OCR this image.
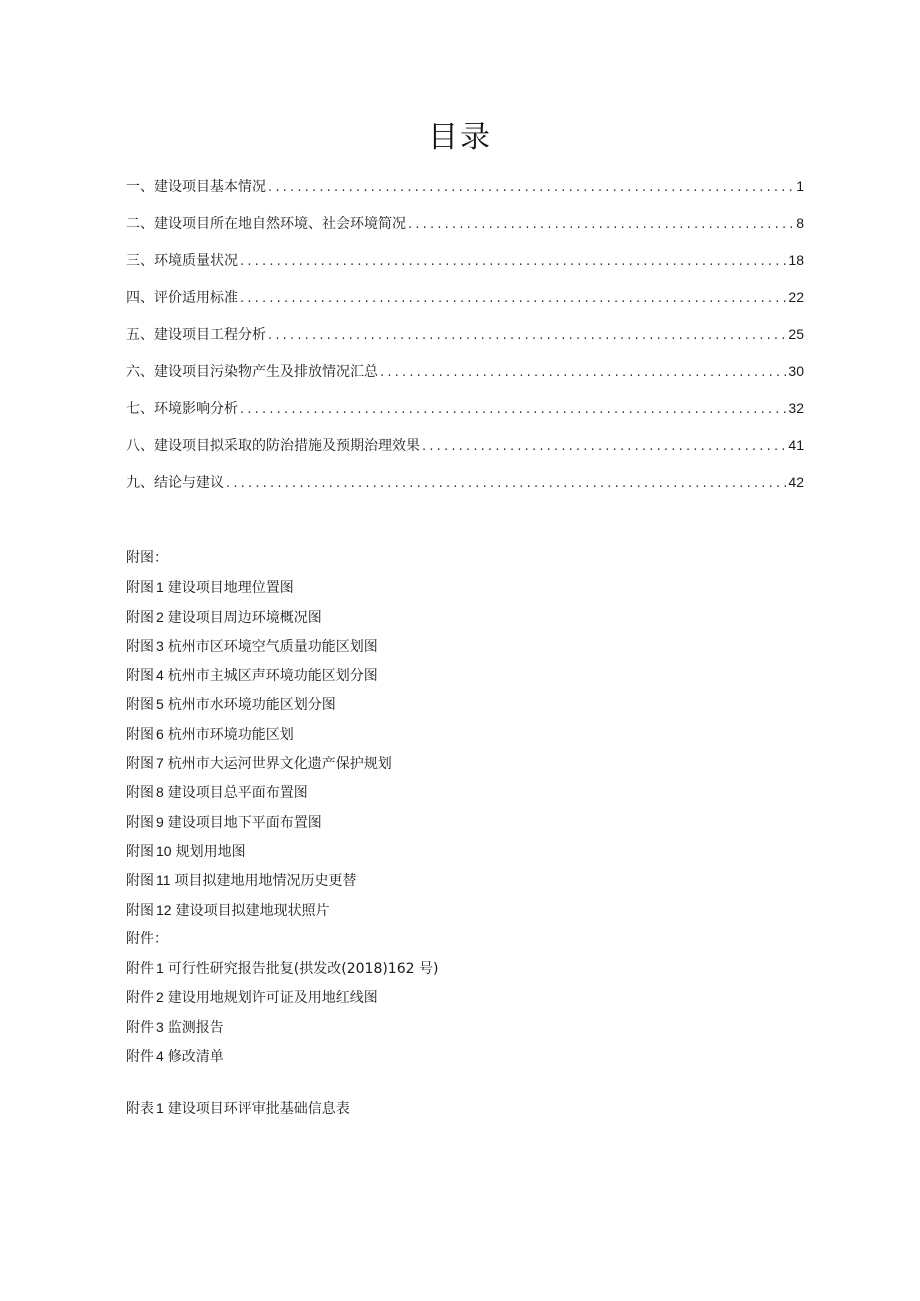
目录
一、建设项目基本情况 .....	1
二、建设项目所在地自然环境、社会环境简况 .....	8
三、环境质量状况 .....	18
四、评价适用标准 .....	22
五、建设项目工程分析 .....	25
六、建设项目污染物产生及排放情况汇总 .....	30
七、环境影响分析 .....	32
八、建设项目拟采取的防治措施及预期治理效果 .....	41
九、结论与建议 .....	42
附图：
附图 1 建设项目地理位置图
附图 2 建设项目周边环境概况图
附图 3 杭州市区环境空气质量功能区划图
附图 4 杭州市主城区声环境功能区划分图
附图 5 杭州市水环境功能区划分图
附图 6 杭州市环境功能区划
附图 7 杭州市大运河世界文化遗产保护规划
附图 8 建设项目总平面布置图
附图 9 建设项目地下平面布置图
附图 10 规划用地图
附图 11 项目拟建地用地情况历史更替
附图 12 建设项目拟建地现状照片
附件：
附件 1 可行性研究报告批复(拱发改(2018)162 号)
附件 2 建设用地规划许可证及用地红线图
附件 3 监测报告
附件 4 修改清单
附表 1 建设项目环评审批基础信息表
